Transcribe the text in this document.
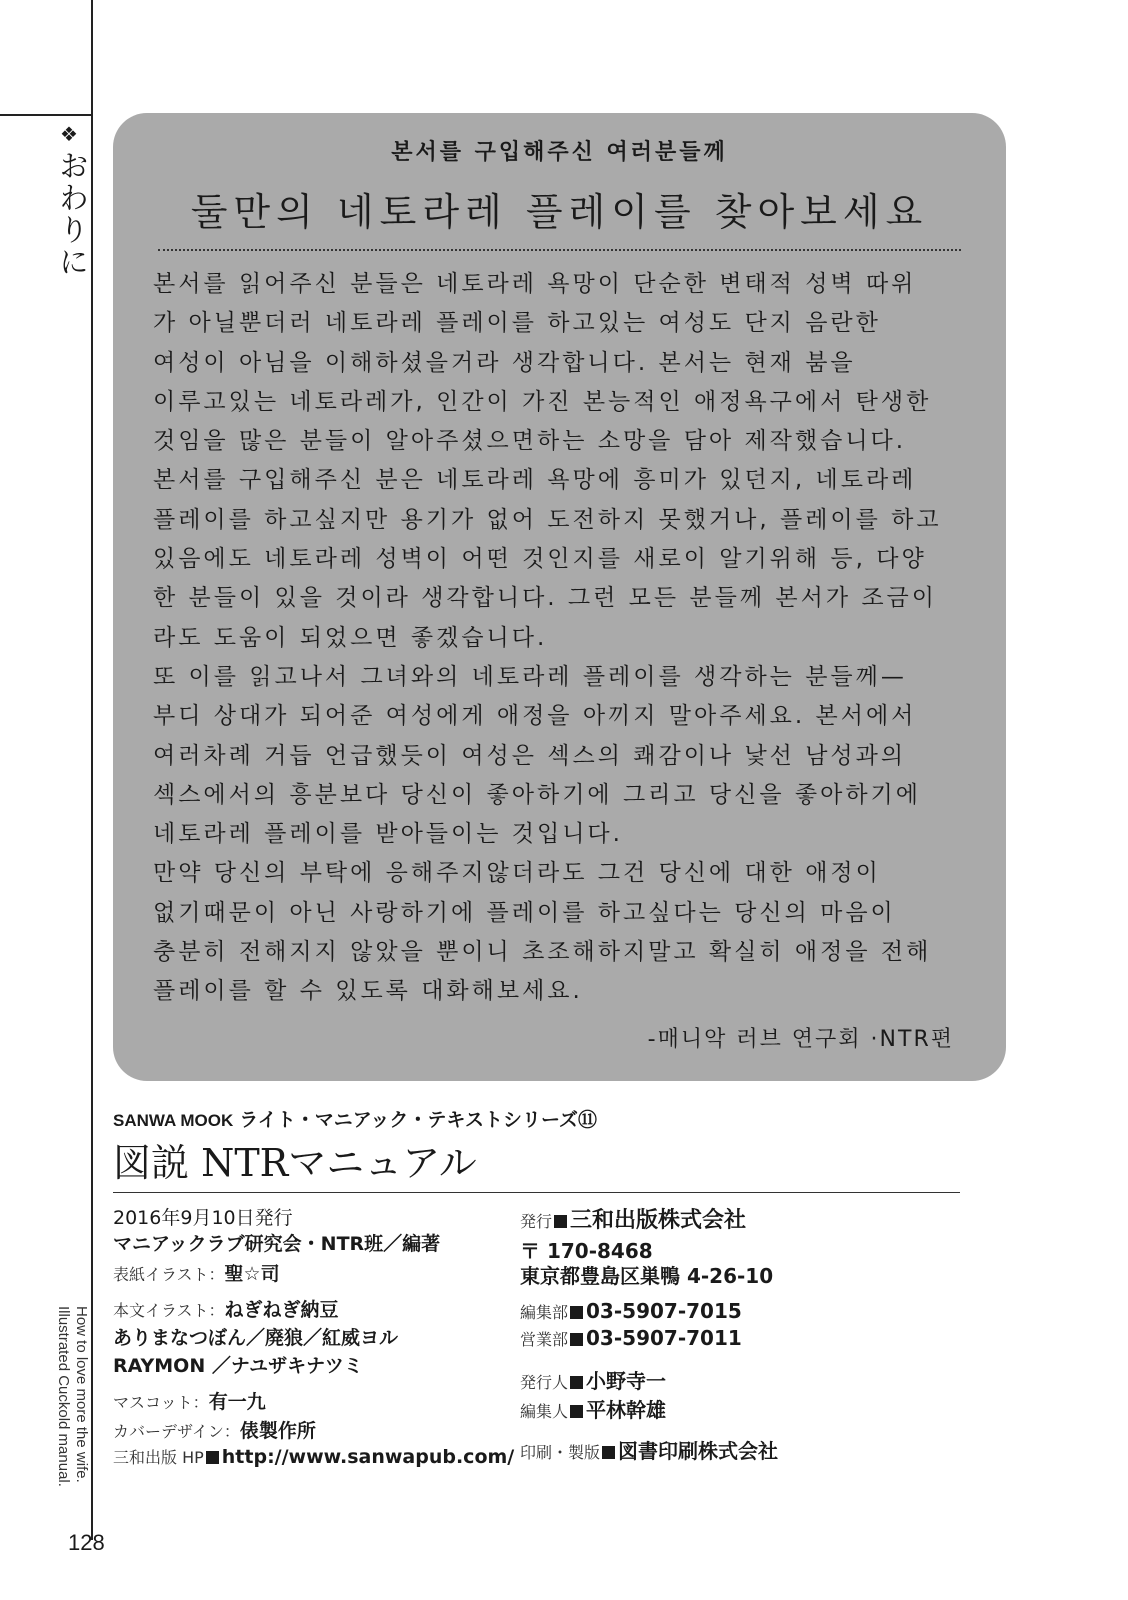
❖
おわりに
How to love more the wife. Illustrated Cuckold manual.
128
본서를 구입해주신 여러분들께
둘만의 네토라레 플레이를 찾아보세요
본서를 읽어주신 분들은 네토라레 욕망이 단순한 변태적 성벽 따위
가 아닐뿐더러 네토라레 플레이를 하고있는 여성도 단지 음란한
여성이 아님을 이해하셨을거라 생각합니다. 본서는 현재 붐을
이루고있는 네토라레가, 인간이 가진 본능적인 애정욕구에서 탄생한
것임을 많은 분들이 알아주셨으면하는 소망을 담아 제작했습니다.
본서를 구입해주신 분은 네토라레 욕망에 흥미가 있던지, 네토라레
플레이를 하고싶지만 용기가 없어 도전하지 못했거나, 플레이를 하고
있음에도 네토라레 성벽이 어떤 것인지를 새로이 알기위해 등, 다양
한 분들이 있을 것이라 생각합니다. 그런 모든 분들께 본서가 조금이
라도 도움이 되었으면 좋겠습니다.
또 이를 읽고나서 그녀와의 네토라레 플레이를 생각하는 분들께—
부디 상대가 되어준 여성에게 애정을 아끼지 말아주세요. 본서에서
여러차례 거듭 언급했듯이 여성은 섹스의 쾌감이나 낯선 남성과의
섹스에서의 흥분보다 당신이 좋아하기에 그리고 당신을 좋아하기에
네토라레 플레이를 받아들이는 것입니다.
만약 당신의 부탁에 응해주지않더라도 그건 당신에 대한 애정이
없기때문이 아닌 사랑하기에 플레이를 하고싶다는 당신의 마음이
충분히 전해지지 않았을 뿐이니 초조해하지말고 확실히 애정을 전해
플레이를 할 수 있도록 대화해보세요.
-매니악 러브 연구회 ·NTR편
SANWA MOOK ライト・マニアック・テキストシリーズ⑪
図説 NTRマニュアル
2016年9月10日発行
マニアックラブ研究会・NTR班／編著
表紙イラスト：聖☆司
本文イラスト：ねぎねぎ納豆
ありまなつぼん／廃狼／紅威ヨル
RAYMON ／ナユザキナツミ
マスコット：有一九
カバーデザイン：俵製作所
三和出版 HP http://www.sanwapub.com/
発行 三和出版株式会社
〒 170-8468
東京都豊島区巣鴨 4-26-10
編集部 03-5907-7015
営業部 03-5907-7011
発行人 小野寺一
編集人 平林幹雄
印刷・製版 図書印刷株式会社
